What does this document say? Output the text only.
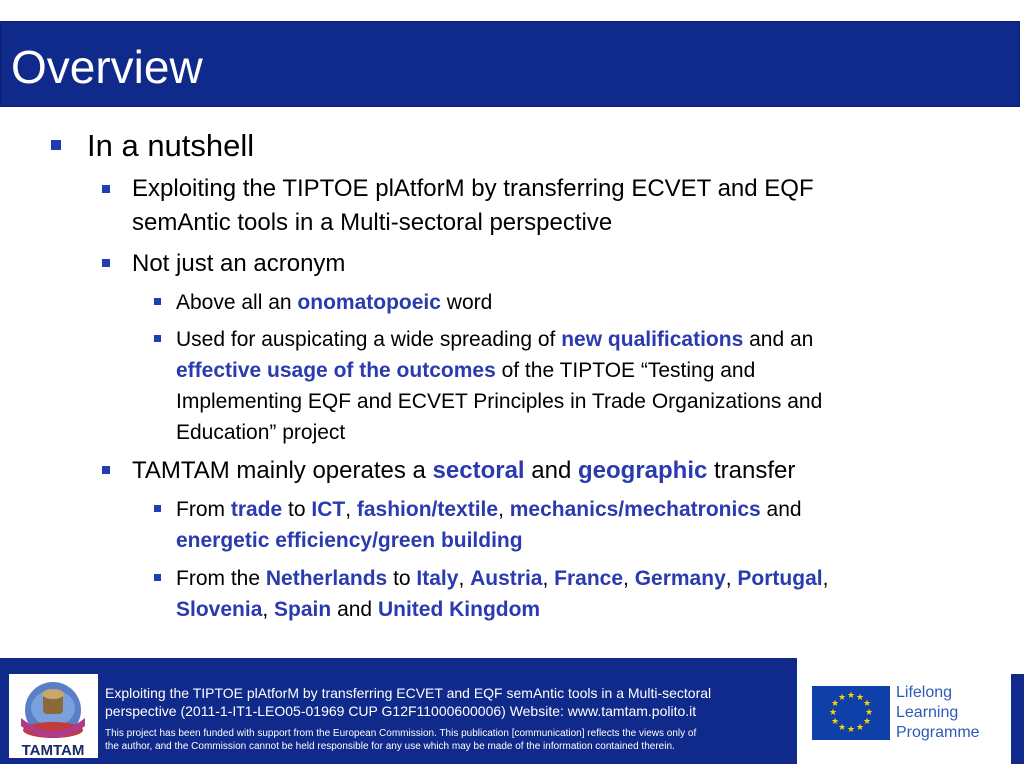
Overview
In a nutshell
Exploiting the TIPTOE plAtforM by transferring ECVET and EQF
semAntic tools in a Multi-sectoral perspective
Not just an acronym
Above all an onomatopoeic word
Used for auspicating a wide spreading of new qualifications and an
effective usage of the outcomes of the TIPTOE “Testing and
Implementing EQF and ECVET Principles in Trade Organizations and
Education” project
TAMTAM mainly operates a sectoral and geographic transfer
From trade to ICT, fashion/textile, mechanics/mechatronics and
energetic efficiency/green building
From the Netherlands to Italy, Austria, France, Germany, Portugal,
Slovenia, Spain and United Kingdom
TAMTAM
Exploiting the TIPTOE plAtforM by transferring ECVET and EQF semAntic tools in a Multi-sectoral
perspective (2011-1-IT1-LEO05-01969 CUP G12F11000600006) Website: www.tamtam.polito.it
This project has been funded with support from the European Commission. This publication [communication] reflects the views only of
the author, and the Commission cannot be held responsible for any use which may be made of the information contained therein.
★ ★
★
★
★
★
★
★
★
★
★
★	Lifelong
Learning
Programme
